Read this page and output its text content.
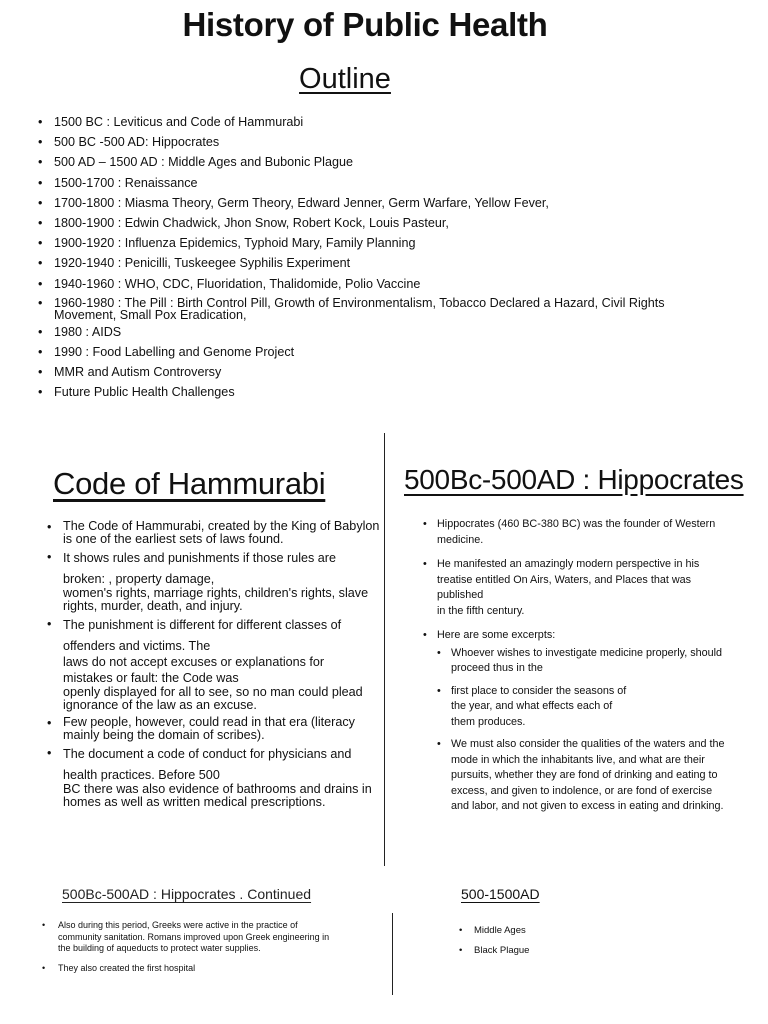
History of Public Health
Outline
• 1500 BC : Leviticus and Code of Hammurabi
• 500 BC -500 AD: Hippocrates
• 500 AD – 1500 AD : Middle Ages and Bubonic Plague
• 1500-1700 : Renaissance
• 1700-1800 : Miasma Theory, Germ Theory, Edward Jenner, Germ Warfare, Yellow Fever,
• 1800-1900 : Edwin Chadwick, Jhon Snow, Robert Kock, Louis Pasteur,
• 1900-1920 : Influenza Epidemics, Typhoid Mary, Family Planning
• 1920-1940 : Penicilli, Tuskeegee Syphilis Experiment
• 1940-1960 : WHO, CDC, Fluoridation, Thalidomide, Polio Vaccine
• 1960-1980 : The Pill : Birth Control Pill, Growth of Environmentalism, Tobacco Declared a Hazard, Civil Rights Movement, Small Pox Eradication,
• 1980 : AIDS
• 1990 : Food Labelling and Genome Project
• MMR and Autism Controversy
• Future Public Health Challenges
Code of Hammurabi
• The Code of Hammurabi, created by the King of Babylon is one of the earliest sets of laws found.
• It shows rules and punishments if those rules are
broken: , property damage,
women's rights, marriage rights, children's rights, slave rights, murder, death, and injury.
• The punishment is different for different classes of
offenders and victims. The
laws do not accept excuses or explanations for
mistakes or fault: the Code was
openly displayed for all to see, so no man could plead ignorance of the law as an excuse.
• Few people, however, could read in that era (literacy mainly being the domain of scribes).
• The document a code of conduct for physicians and
health practices. Before 500
BC there was also evidence of bathrooms and drains in homes as well as written medical prescriptions.
500Bc-500AD : Hippocrates
• Hippocrates (460 BC-380 BC) was the founder of Western medicine.
• He manifested an amazingly modern perspective in his treatise entitled On Airs, Waters, and Places that was
published
in the fifth century.
• Here are some excerpts:
• Whoever wishes to investigate medicine properly, should proceed thus in the
• first place to consider the seasons of
the year, and what effects each of
them produces.
• We must also consider the qualities of the waters and the mode in which the inhabitants live, and what are their pursuits, whether they are fond of drinking and eating to excess, and given to indolence, or are fond of exercise and labor, and not given to excess in eating and drinking.
500Bc-500AD : Hippocrates . Continued
• Also during this period, Greeks were active in the practice of community sanitation. Romans improved upon Greek engineering in the building of aqueducts to protect water supplies.
• They also created the first hospital
500-1500AD
• Middle Ages
• Black Plague
